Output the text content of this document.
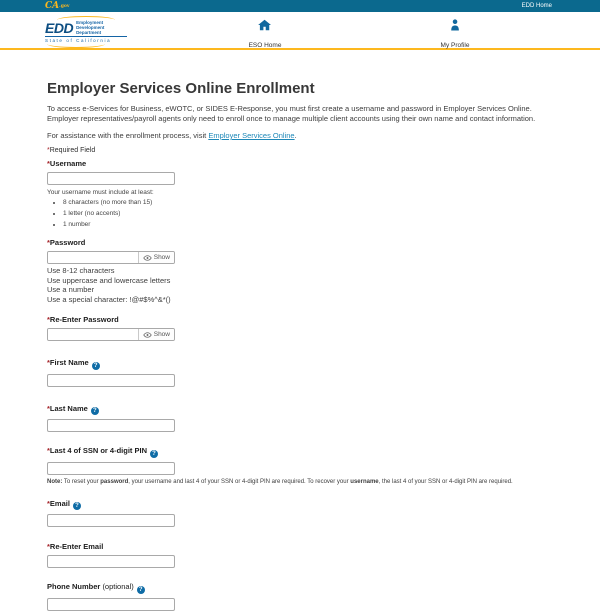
CA.gov	EDD Home
EDD Employment
Development
Department
State of California
ESO Home	My Profile
Employer Services Online Enrollment

To access e-Services for Business, eWOTC, or SIDES E-Response, you must first create a username and password in Employer Services Online. Employer representatives/payroll agents only need to enroll once to manage multiple client accounts using their own name and contact information.

For assistance with the enrollment process, visit Employer Services Online.

*Required Field

*Username
Your username must include at least:
• 8 characters (no more than 15)
• 1 letter (no accents)
• 1 number
*Password
Show
Use 8-12 characters
Use uppercase and lowercase letters
Use a number
Use a special character: !@#$%^&*()
*Re-Enter Password
Show
*First Name ?
*Last Name ?
*Last 4 of SSN or 4-digit PIN ?

Note: To reset your password, your username and last 4 of your SSN or 4-digit PIN are required. To recover your username, the last 4 of your SSN or 4-digit PIN are required.

*Email ?
*Re-Enter Email
Phone Number (optional) ?
